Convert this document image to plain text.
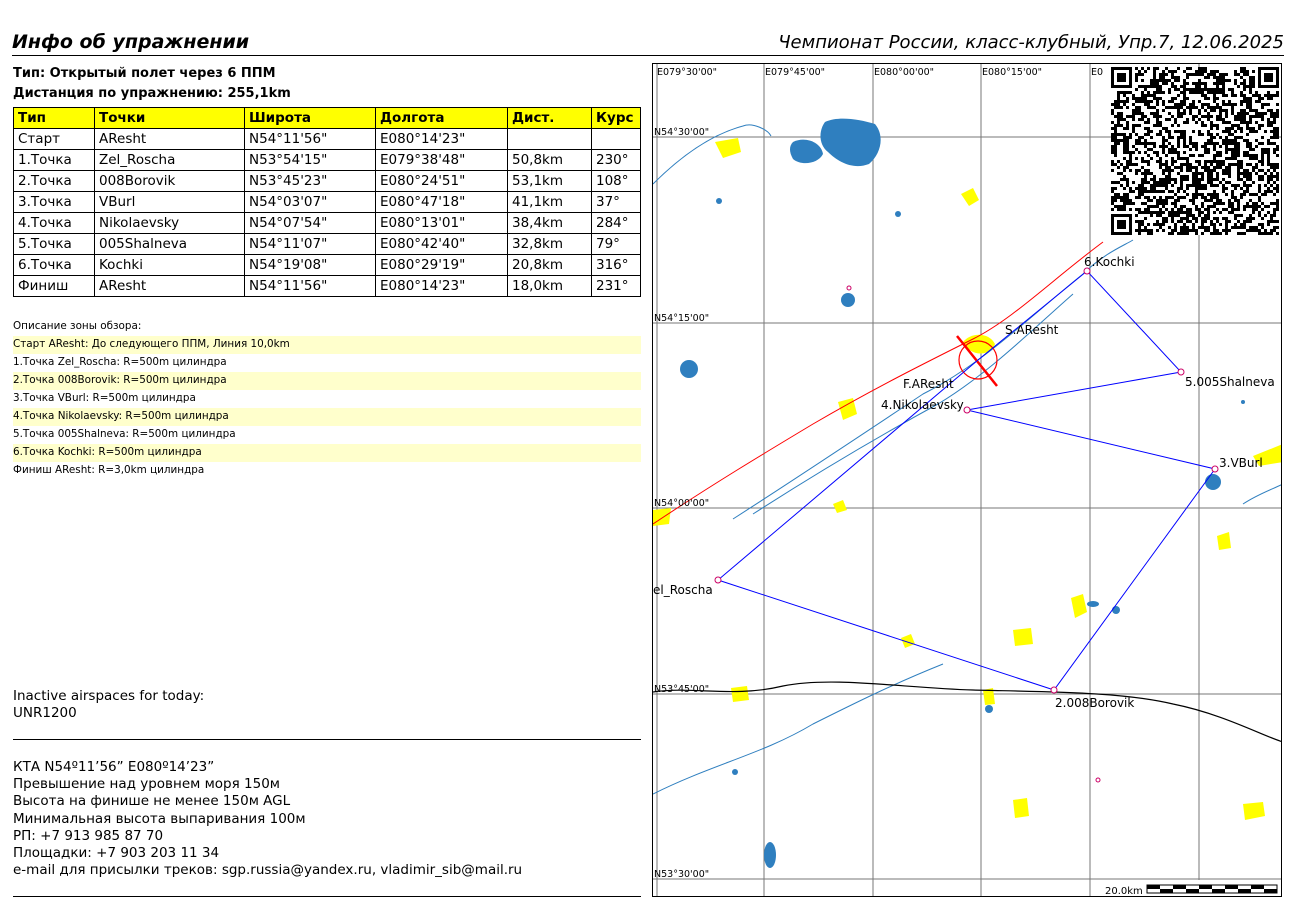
Инфо об упражнении	Чемпионат России, класс-клубный, Упр.7, 12.06.2025
Тип: Открытый полет через 6 ППМ
Дистанция по упражнению: 255,1km
Тип	Точки	Широта	Долгота	Дист.	Курс
Старт	AResht	N54°11'56"	E080°14'23"		
1.Точка	Zel_Roscha	N53°54'15"	E079°38'48"	50,8km	230°
2.Точка	008Borovik	N53°45'23"	E080°24'51"	53,1km	108°
3.Точка	VBurl	N54°03'07"	E080°47'18"	41,1km	37°
4.Точка	Nikolaevsky	N54°07'54"	E080°13'01"	38,4km	284°
5.Точка	005Shalneva	N54°11'07"	E080°42'40"	32,8km	79°
6.Точка	Kochki	N54°19'08"	E080°29'19"	20,8km	316°
Финиш	AResht	N54°11'56"	E080°14'23"	18,0km	231°
Описание зоны обзора:
Старт AResht: До следующего ППМ, Линия 10,0km
1.Точка Zel_Roscha: R=500m цилиндра
2.Точка 008Borovik: R=500m цилиндра
3.Точка VBurl: R=500m цилиндра
4.Точка Nikolaevsky: R=500m цилиндра
5.Точка 005Shalneva: R=500m цилиндра
6.Точка Kochki: R=500m цилиндра
Финиш AResht: R=3,0km цилиндра
Inactive airspaces for today:
UNR1200
КТА N54º11’56” E080º14’23”
Превышение над уровнем моря 150м
Высота на финише не менее 150м AGL
Минимальная высота выпаривания 100м
РП: +7 913 985 87 70
Площадки: +7 903 203 11 34
e-mail для присылки треков: sgp.russia@yandex.ru, vladimir_sib@mail.ru
E079°30'00"	E079°45'00"	E080°00'00"	E080°15'00"	E0
N54°30'00"
N54°15'00"
N54°00'00"
N53°45'00"
N53°30'00"
6.Kochki
S.AResht
F.AResht
4.Nikolaevsky
5.005Shalneva
3.VBurl
el_Roscha
2.008Borovik
20.0km
